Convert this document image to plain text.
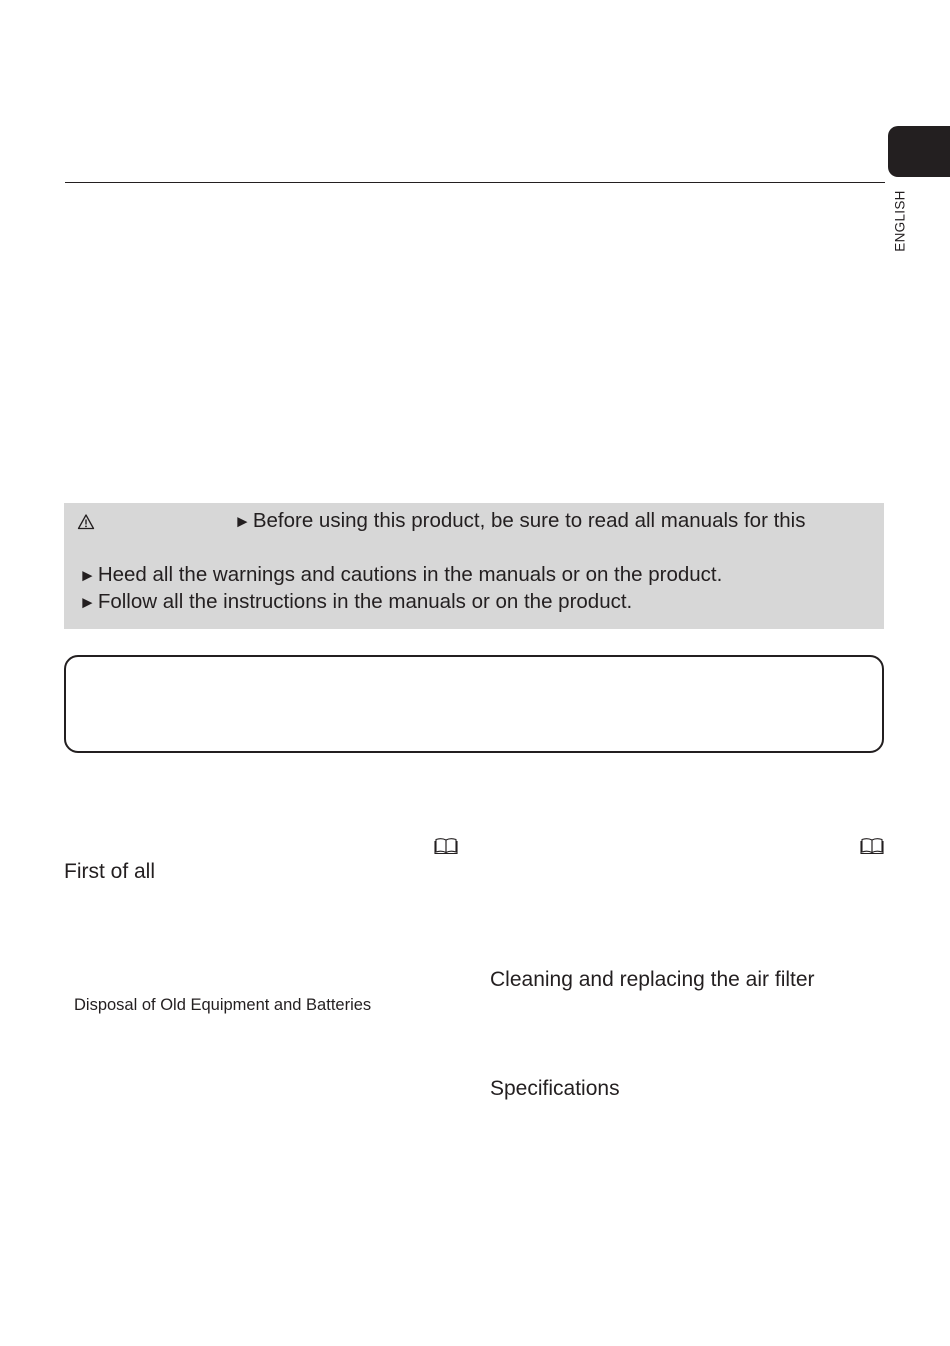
ENGLISH
►Before using this product, be sure to read all manuals for this
►Heed all the warnings and cautions in the manuals or on the product.
►Follow all the instructions in the manuals or on the product.
First of all
Disposal of Old Equipment and Batteries
Cleaning and replacing the air filter
Specifications
